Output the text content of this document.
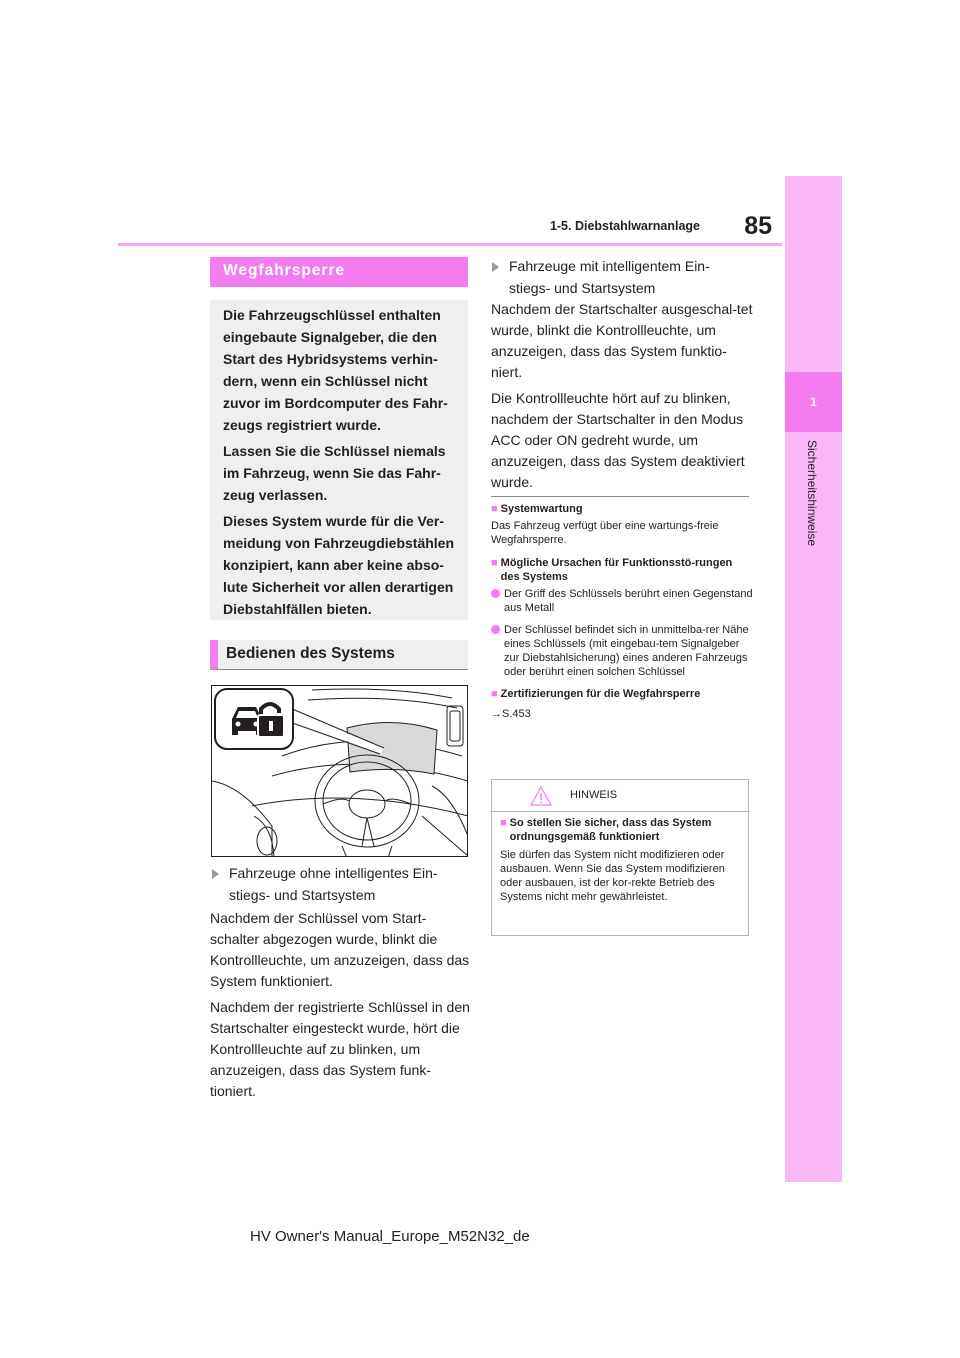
85
1-5. Diebstahlwarnanlage
1
Sicherheitshinweise
Wegfahrsperre

Die Fahrzeugschlüssel enthalten eingebaute Signalgeber, die den Start des Hybridsystems verhin-dern, wenn ein Schlüssel nicht zuvor im Bordcomputer des Fahr-zeugs registriert wurde.

Lassen Sie die Schlüssel niemals im Fahrzeug, wenn Sie das Fahr-zeug verlassen.

Dieses System wurde für die Ver-meidung von Fahrzeugdiebstählen konzipiert, kann aber keine abso-lute Sicherheit vor allen derartigen Diebstahlfällen bieten.

Bedienen des Systems
Fahrzeuge ohne intelligentes Ein-
stiegs- und Startsystem

Nachdem der Schlüssel vom Start-schalter abgezogen wurde, blinkt die Kontrollleuchte, um anzuzeigen, dass das System funktioniert.

Nachdem der registrierte Schlüssel in den Startschalter eingesteckt wurde, hört die Kontrollleuchte auf zu blinken, um anzuzeigen, dass das System funk-tioniert.

Fahrzeuge mit intelligentem Ein-
stiegs- und Startsystem

Nachdem der Startschalter ausgeschal-tet wurde, blinkt die Kontrollleuchte, um anzuzeigen, dass das System funktio-niert.

Die Kontrollleuchte hört auf zu blinken, nachdem der Startschalter in den Modus ACC oder ON gedreht wurde, um anzuzeigen, dass das System deaktiviert wurde.

■ Systemwartung

Das Fahrzeug verfügt über eine wartungs-freie Wegfahrsperre.

■ Mögliche Ursachen für Funktionsstö-rungen des Systems
Der Griff des Schlüssels berührt einen Gegenstand aus Metall
Der Schlüssel befindet sich in unmittelba-rer Nähe eines Schlüssels (mit eingebau-tem Signalgeber zur Diebstahlsicherung) eines anderen Fahrzeugs oder berührt einen solchen Schlüssel
■ Zertifizierungen für die Wegfahrsperre

→S.453

HINWEIS
■ So stellen Sie sicher, dass das System ordnungsgemäß funktioniert

Sie dürfen das System nicht modifizieren oder ausbauen. Wenn Sie das System modifizieren oder ausbauen, ist der kor-rekte Betrieb des Systems nicht mehr gewährleistet.

HV Owner's Manual_Europe_M52N32_de
